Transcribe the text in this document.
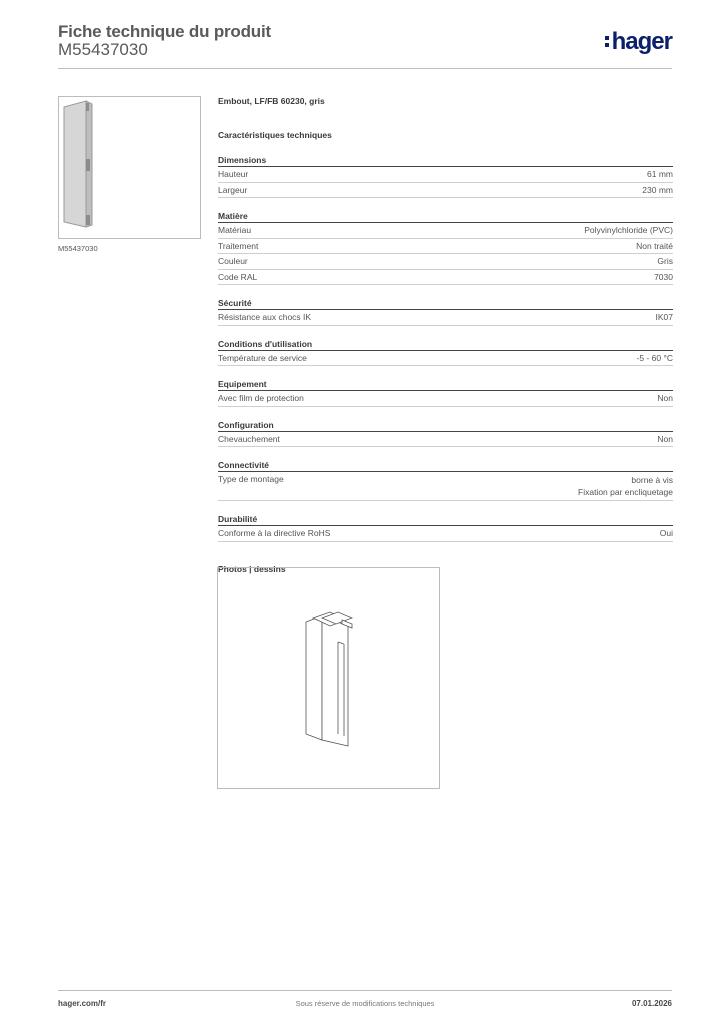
Fiche technique du produit
M55437030	hager
M55437030
Embout, LF/FB 60230, gris
Caractéristiques techniques
Dimensions
Hauteur	61 mm
Largeur	230 mm
Matière
Matériau	Polyvinylchloride (PVC)
Traitement	Non traité
Couleur	Gris
Code RAL	7030
Sécurité
Résistance aux chocs IK	IK07
Conditions d'utilisation
Température de service	-5 - 60 °C
Equipement
Avec film de protection	Non
Configuration
Chevauchement	Non
Connectivité
Type de montage	borne à vis
Fixation par encliquetage
Durabilité
Conforme à la directive RoHS	Oui
Photos | dessins
hager.com/fr	Sous réserve de modifications techniques	07.01.2026
